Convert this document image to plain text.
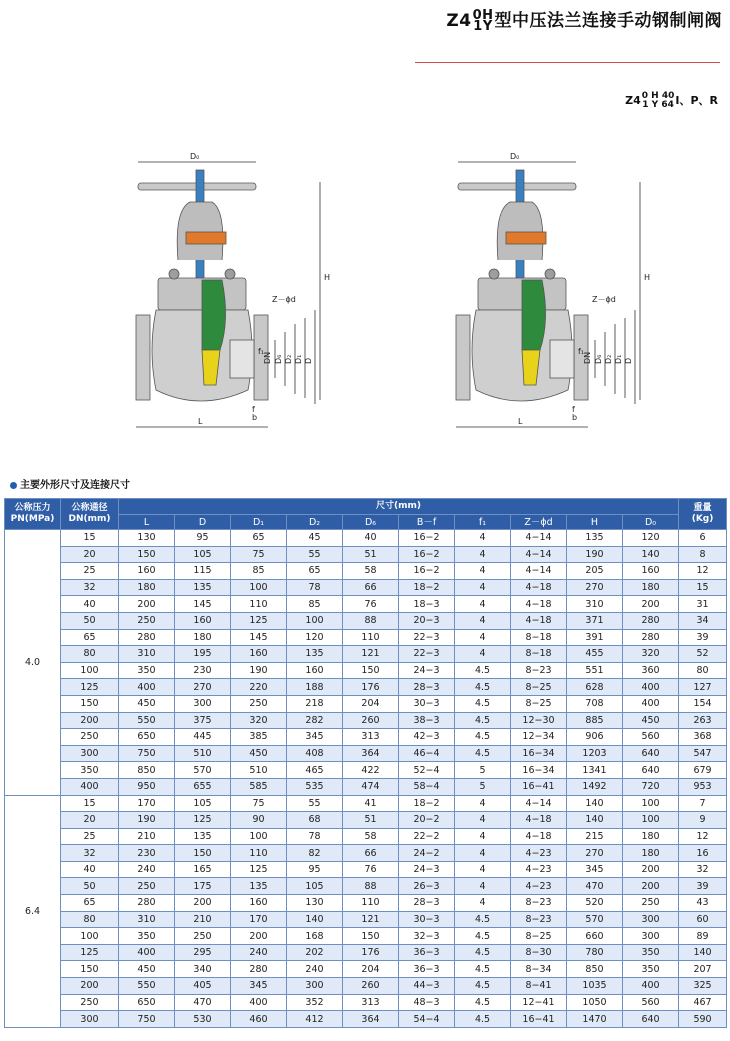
Z4 0H
1Y 型中压法兰连接手动钢制闸阀
Z4 0 H 40
1 Y 64 Ⅰ、P、R
D₀
H
Z－ϕd
f₁
DN D₆ D₂ D₁ D
L
f
b
D₀
H
Z－ϕd
f₁
DN D₆ D₂ D₁ D
L
f
b
主要外形尺寸及连接尺寸
公称压力
PN(MPa)	公称通径
DN(mm)	尺寸(mm)										重量
(Kg)
		L	D	D₁	D₂	D₆	B－f	f₁	Z－ϕd	H	D₀	
4.0	15	130	95	65	45	40	16−2	4	4−14	135	120	6
	20	150	105	75	55	51	16−2	4	4−14	190	140	8
	25	160	115	85	65	58	16−2	4	4−14	205	160	12
	32	180	135	100	78	66	18−2	4	4−18	270	180	15
	40	200	145	110	85	76	18−3	4	4−18	310	200	31
	50	250	160	125	100	88	20−3	4	4−18	371	280	34
	65	280	180	145	120	110	22−3	4	8−18	391	280	39
	80	310	195	160	135	121	22−3	4	8−18	455	320	52
	100	350	230	190	160	150	24−3	4.5	8−23	551	360	80
	125	400	270	220	188	176	28−3	4.5	8−25	628	400	127
	150	450	300	250	218	204	30−3	4.5	8−25	708	400	154
	200	550	375	320	282	260	38−3	4.5	12−30	885	450	263
	250	650	445	385	345	313	42−3	4.5	12−34	906	560	368
	300	750	510	450	408	364	46−4	4.5	16−34	1203	640	547
	350	850	570	510	465	422	52−4	5	16−34	1341	640	679
	400	950	655	585	535	474	58−4	5	16−41	1492	720	953
6.4	15	170	105	75	55	41	18−2	4	4−14	140	100	7
	20	190	125	90	68	51	20−2	4	4−18	140	100	9
	25	210	135	100	78	58	22−2	4	4−18	215	180	12
	32	230	150	110	82	66	24−2	4	4−23	270	180	16
	40	240	165	125	95	76	24−3	4	4−23	345	200	32
	50	250	175	135	105	88	26−3	4	4−23	470	200	39
	65	280	200	160	130	110	28−3	4	8−23	520	250	43
	80	310	210	170	140	121	30−3	4.5	8−23	570	300	60
	100	350	250	200	168	150	32−3	4.5	8−25	660	300	89
	125	400	295	240	202	176	36−3	4.5	8−30	780	350	140
	150	450	340	280	240	204	36−3	4.5	8−34	850	350	207
	200	550	405	345	300	260	44−3	4.5	8−41	1035	400	325
	250	650	470	400	352	313	48−3	4.5	12−41	1050	560	467
	300	750	530	460	412	364	54−4	4.5	16−41	1470	640	590
